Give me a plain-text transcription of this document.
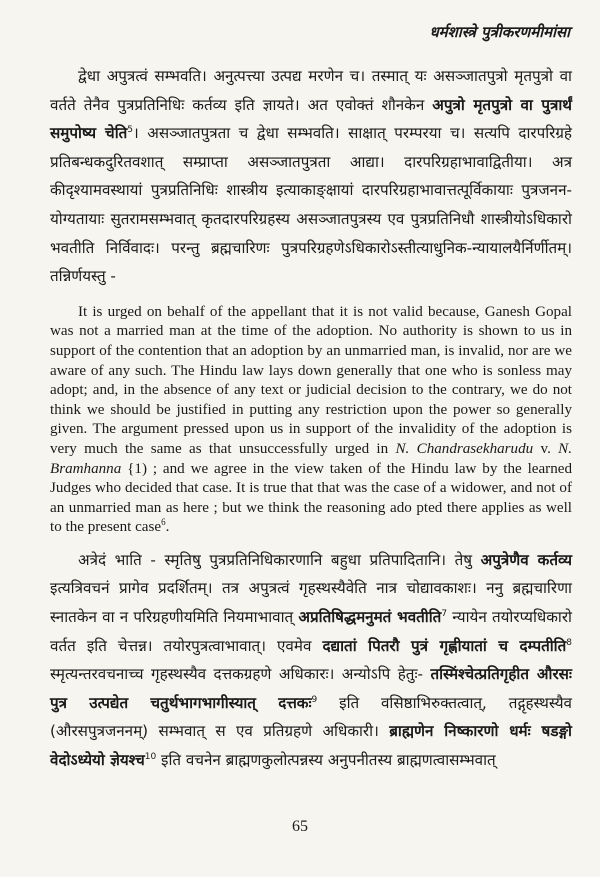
धर्मशास्त्रे पुत्रीकरणमीमांसा

द्वेधा अपुत्रत्वं सम्भवति। अनुत्पत्त्या उत्पद्य मरणेन च। तस्मात् यः असञ्जातपुत्रो मृतपुत्रो वा वर्तते तेनैव पुत्रप्रतिनिधिः कर्तव्य इति ज्ञायते। अत एवोक्तं शौनकेन अपुत्रो मृतपुत्रो वा पुत्रार्थं समुपोष्य चेति$^5$। असञ्जातपुत्रता च द्वेधा सम्भवति। साक्षात् परम्परया च। सत्यपि दारपरिग्रहे प्रतिबन्धकदुरितवशात् सम्प्राप्ता असञ्जातपुत्रता आद्या। दारपरिग्रहाभावाद्वितीया। अत्र कीदृश्यामवस्थायां पुत्रप्रतिनिधिः शास्त्रीय इत्याकाङ्क्षायां दारपरिग्रहाभावात्तत्पूर्विकायाः पुत्रजनन-योग्यतायाः सुतरामसम्भवात् कृतदारपरिग्रहस्य असञ्जातपुत्रस्य एव पुत्रप्रतिनिधौ शास्त्रीयोऽधिकारो भवतीति निर्विवादः। परन्तु ब्रह्मचारिणः पुत्रपरिग्रहणेऽधिकारोऽस्तीत्याधुनिक-न्यायालयैर्निर्णीतम्। तन्निर्णयस्तु -

It is urged on behalf of the appellant that it is not valid because, Ganesh Gopal was not a married man at the time of the adoption. No authority is shown to us in support of the contention that an adoption by an unmarried man, is invalid, nor are we aware of any such. The Hindu law lays down generally that one who is sonless may adopt; and, in the absence of any text or judicial decision to the contrary, we do not think we should be justified in putting any restriction upon the power so generally given. The argument pressed upon us in support of the invalidity of the adoption is very much the same as that unsuccessfully urged in N. Chandrasekharudu v. N. Bramhanna {1) ; and we agree in the view taken of the Hindu law by the learned Judges who decided that case. It is true that that was the case of a widower, and not of an unmarried man as here ; but we think the reasoning ado pted there applies as well to the present case$^6$.

अत्रेदं भाति - स्मृतिषु पुत्रप्रतिनिधिकारणानि बहुधा प्रतिपादितानि। तेषु अपुत्रेणैव कर्तव्य इत्यत्रिवचनं प्रागेव प्रदर्शितम्। तत्र अपुत्रत्वं गृहस्थस्यैवेति नात्र चोद्यावकाशः। ननु ब्रह्मचारिणा स्नातकेन वा न परिग्रहणीयमिति नियमाभावात् अप्रतिषिद्धमनुमतं भवतीति$^7$ न्यायेन तयोरप्यधिकारो वर्तत इति चेत्तन्न। तयोरपुत्रत्वाभावात्। एवमेव दद्यातां पितरौ पुत्रं गृह्णीयातां च दम्पतीति$^8$ स्मृत्यन्तरवचनाच्च गृहस्थस्यैव दत्तकग्रहणे अधिकारः। अन्योऽपि हेतुः- तस्मिंश्चेत्प्रतिगृहीत औरसः पुत्र उत्पद्येत चतुर्थभागभागीस्यात् दत्तकः$^9$ इति वसिष्ठाभिरुक्तत्वात्, तद्गृहस्थस्यैव (औरसपुत्रजननम्) सम्भवात् स एव प्रतिग्रहणे अधिकारी। ब्राह्मणेन निष्कारणो धर्मः षडङ्गो वेदोऽध्येयो ज्ञेयश्च$^{10}$ इति वचनेन ब्राह्मणकुलोत्पन्नस्य अनुपनीतस्य ब्राह्मणत्वासम्भवात्

65
